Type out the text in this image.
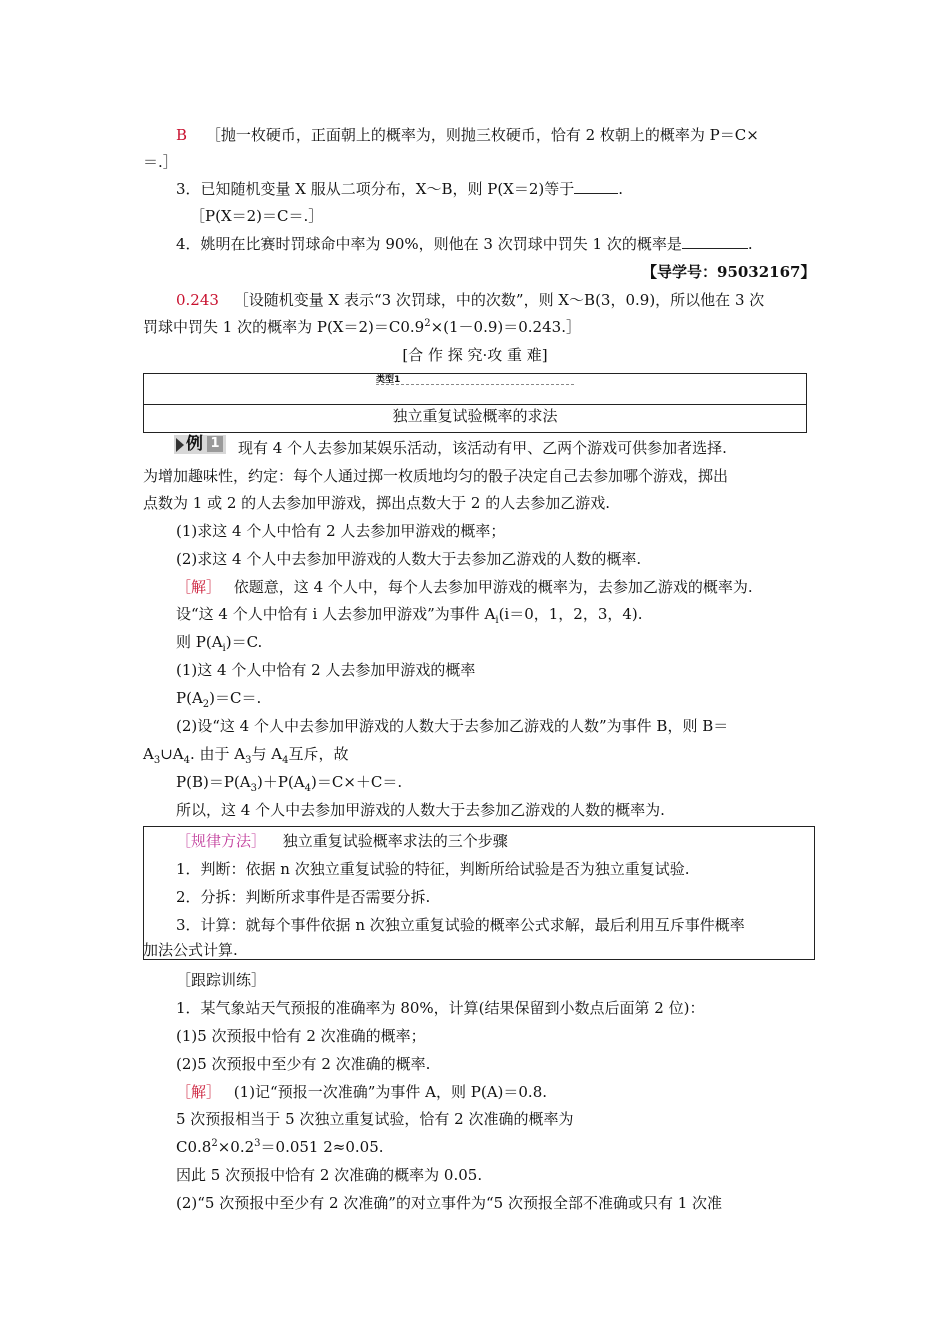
B ［抛一枚硬币，正面朝上的概率为，则抛三枚硬币，恰有 2 枚朝上的概率为 P＝C×
＝.］
3．已知随机变量 X 服从二项分布，X～B，则 P(X＝2)等于	.
［P(X＝2)＝C＝.］
4．姚明在比赛时罚球命中率为 90%，则他在 3 次罚球中罚失 1 次的概率是	.
【导学号：95032167】
0.243 ［设随机变量 X 表示“3 次罚球，中的次数”，则 X～B(3，0.9)，所以他在 3 次
罚球中罚失 1 次的概率为 $P(X=2)=C0.9^2\times(1-0.9)=0.243.]$
[合 作 探 究·攻 重 难]
类型1
独立重复试验概率的求法
例 1 现有 4 个人去参加某娱乐活动，该活动有甲、乙两个游戏可供参加者选择.
为增加趣味性，约定：每个人通过掷一枚质地均匀的骰子决定自己去参加哪个游戏，掷出
点数为 1 或 2 的人去参加甲游戏，掷出点数大于 2 的人去参加乙游戏.
(1)求这 4 个人中恰有 2 人去参加甲游戏的概率；
(2)求这 4 个人中去参加甲游戏的人数大于去参加乙游戏的人数的概率.
［解］ 依题意，这 4 个人中，每个人去参加甲游戏的概率为，去参加乙游戏的概率为.
设“这 4 个人中恰有 i 人去参加甲游戏”为事件 $A_i(i=0$，1，2，3，4).
则 $P(A_i)=C$.
(1)这 4 个人中恰有 2 人去参加甲游戏的概率
$P(A_2)=C=$.
(2)设“这 4 个人中去参加甲游戏的人数大于去参加乙游戏的人数”为事件 B，则 B＝
$A_3\cup A_4$. 由于 $A_3$与 $A_4$互斥，故
$P(B)=P(A_3)+P(A_4)=C\times+C=$.
所以，这 4 个人中去参加甲游戏的人数大于去参加乙游戏的人数的概率为.
［规律方法］ 独立重复试验概率求法的三个步骤
1．判断：依据 n 次独立重复试验的特征，判断所给试验是否为独立重复试验.
2．分拆：判断所求事件是否需要分拆.
3．计算：就每个事件依据 n 次独立重复试验的概率公式求解，最后利用互斥事件概率
加法公式计算.
［跟踪训练］
1．某气象站天气预报的准确率为 80%，计算(结果保留到小数点后面第 2 位)：
(1)5 次预报中恰有 2 次准确的概率；
(2)5 次预报中至少有 2 次准确的概率.
［解］ (1)记“预报一次准确”为事件 A，则 P(A)＝0.8.
5 次预报相当于 5 次独立重复试验，恰有 2 次准确的概率为
$C0.8^2\times 0.2^3=0.051$ 2≈0.05.
因此 5 次预报中恰有 2 次准确的概率为 0.05.
(2)“5 次预报中至少有 2 次准确”的对立事件为“5 次预报全部不准确或只有 1 次准
